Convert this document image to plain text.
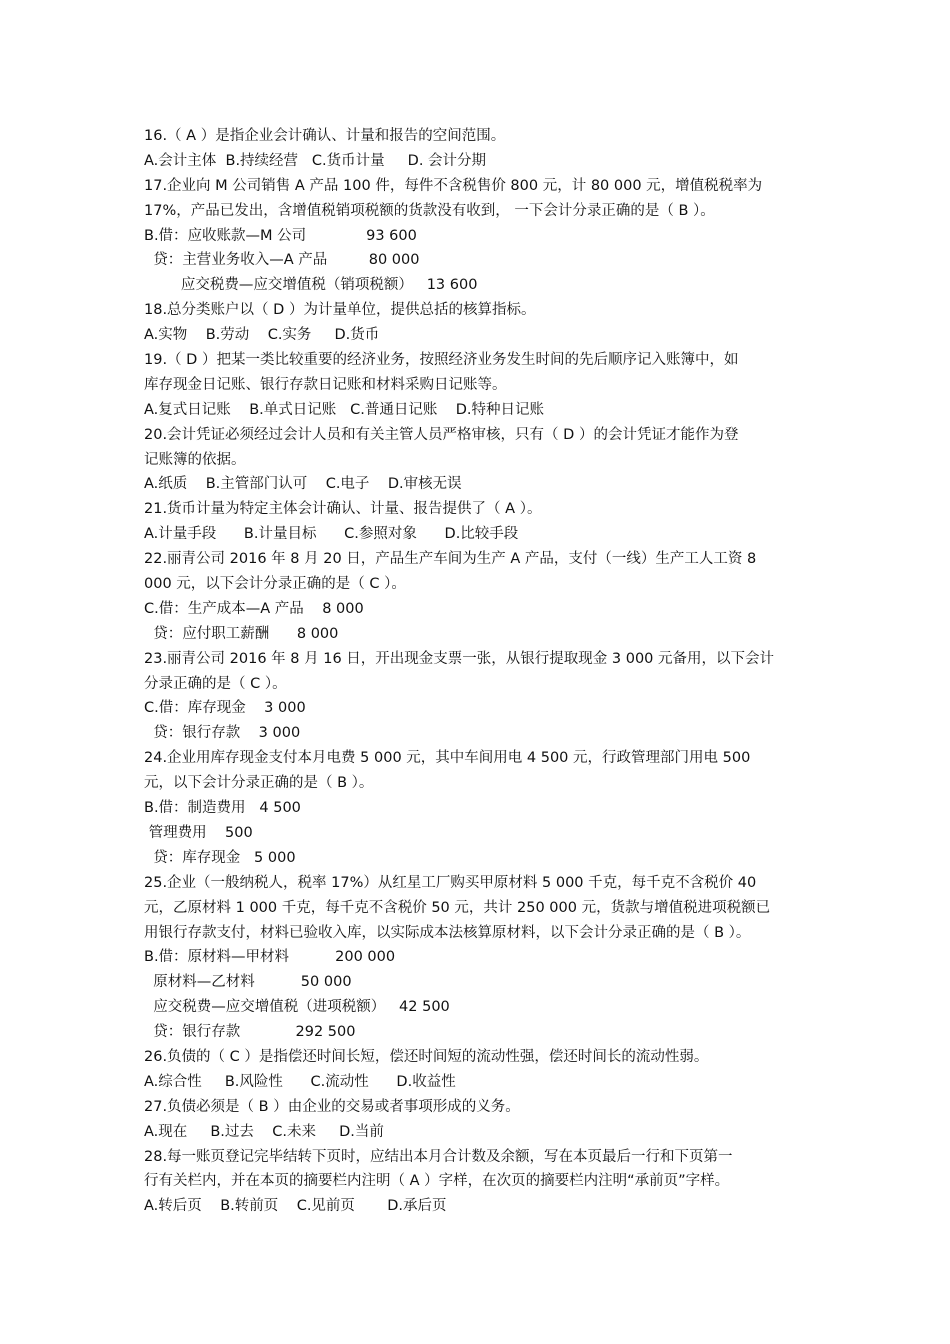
16.（ A ）是指企业会计确认、计量和报告的空间范围。
A.会计主体  B.持续经营   C.货币计量     D. 会计分期
17.企业向 M 公司销售 A 产品 100 件，每件不含税售价 800 元，计 80 000 元，增值税税率为
17%，产品已发出，含增值税销项税额的货款没有收到， 一下会计分录正确的是（ B ）。
B.借：应收账款—M 公司             93 600
贷：主营业务收入—A 产品         80 000
应交税费—应交增值税（销项税额）   13 600
18.总分类账户以（ D ）为计量单位，提供总括的核算指标。
A.实物    B.劳动    C.实务     D.货币
19.（ D ）把某一类比较重要的经济业务，按照经济业务发生时间的先后顺序记入账簿中，如
库存现金日记账、银行存款日记账和材料采购日记账等。
A.复式日记账    B.单式日记账   C.普通日记账    D.特种日记账
20.会计凭证必须经过会计人员和有关主管人员严格审核，只有（ D ）的会计凭证才能作为登
记账簿的依据。
A.纸质    B.主管部门认可    C.电子    D.审核无误
21.货币计量为特定主体会计确认、计量、报告提供了（ A ）。
A.计量手段      B.计量目标      C.参照对象      D.比较手段
22.丽青公司 2016 年 8 月 20 日，产品生产车间为生产 A 产品，支付（一线）生产工人工资 8
000 元，以下会计分录正确的是（ C ）。
C.借：生产成本—A 产品    8 000
贷：应付职工薪酬      8 000
23.丽青公司 2016 年 8 月 16 日，开出现金支票一张，从银行提取现金 3 000 元备用，以下会计
分录正确的是（ C ）。
C.借：库存现金    3 000
贷：银行存款    3 000
24.企业用库存现金支付本月电费 5 000 元，其中车间用电 4 500 元，行政管理部门用电 500
元，以下会计分录正确的是（ B ）。
B.借：制造费用   4 500
管理费用    500
贷：库存现金   5 000
25.企业（一般纳税人，税率 17%）从红星工厂购买甲原材料 5 000 千克，每千克不含税价 40
元，乙原材料 1 000 千克，每千克不含税价 50 元，共计 250 000 元，货款与增值税进项税额已
用银行存款支付，材料已验收入库，以实际成本法核算原材料，以下会计分录正确的是（ B ）。
B.借：原材料—甲材料          200 000
原材料—乙材料          50 000
应交税费—应交增值税（进项税额）   42 500
贷：银行存款            292 500
26.负债的（ C ）是指偿还时间长短，偿还时间短的流动性强，偿还时间长的流动性弱。
A.综合性     B.风险性      C.流动性      D.收益性
27.负债必须是（ B ）由企业的交易或者事项形成的义务。
A.现在     B.过去    C.未来     D.当前
28.每一账页登记完毕结转下页时，应结出本月合计数及余额，写在本页最后一行和下页第一
行有关栏内，并在本页的摘要栏内注明（ A ）字样，在次页的摘要栏内注明“承前页”字样。
A.转后页    B.转前页    C.见前页       D.承后页
